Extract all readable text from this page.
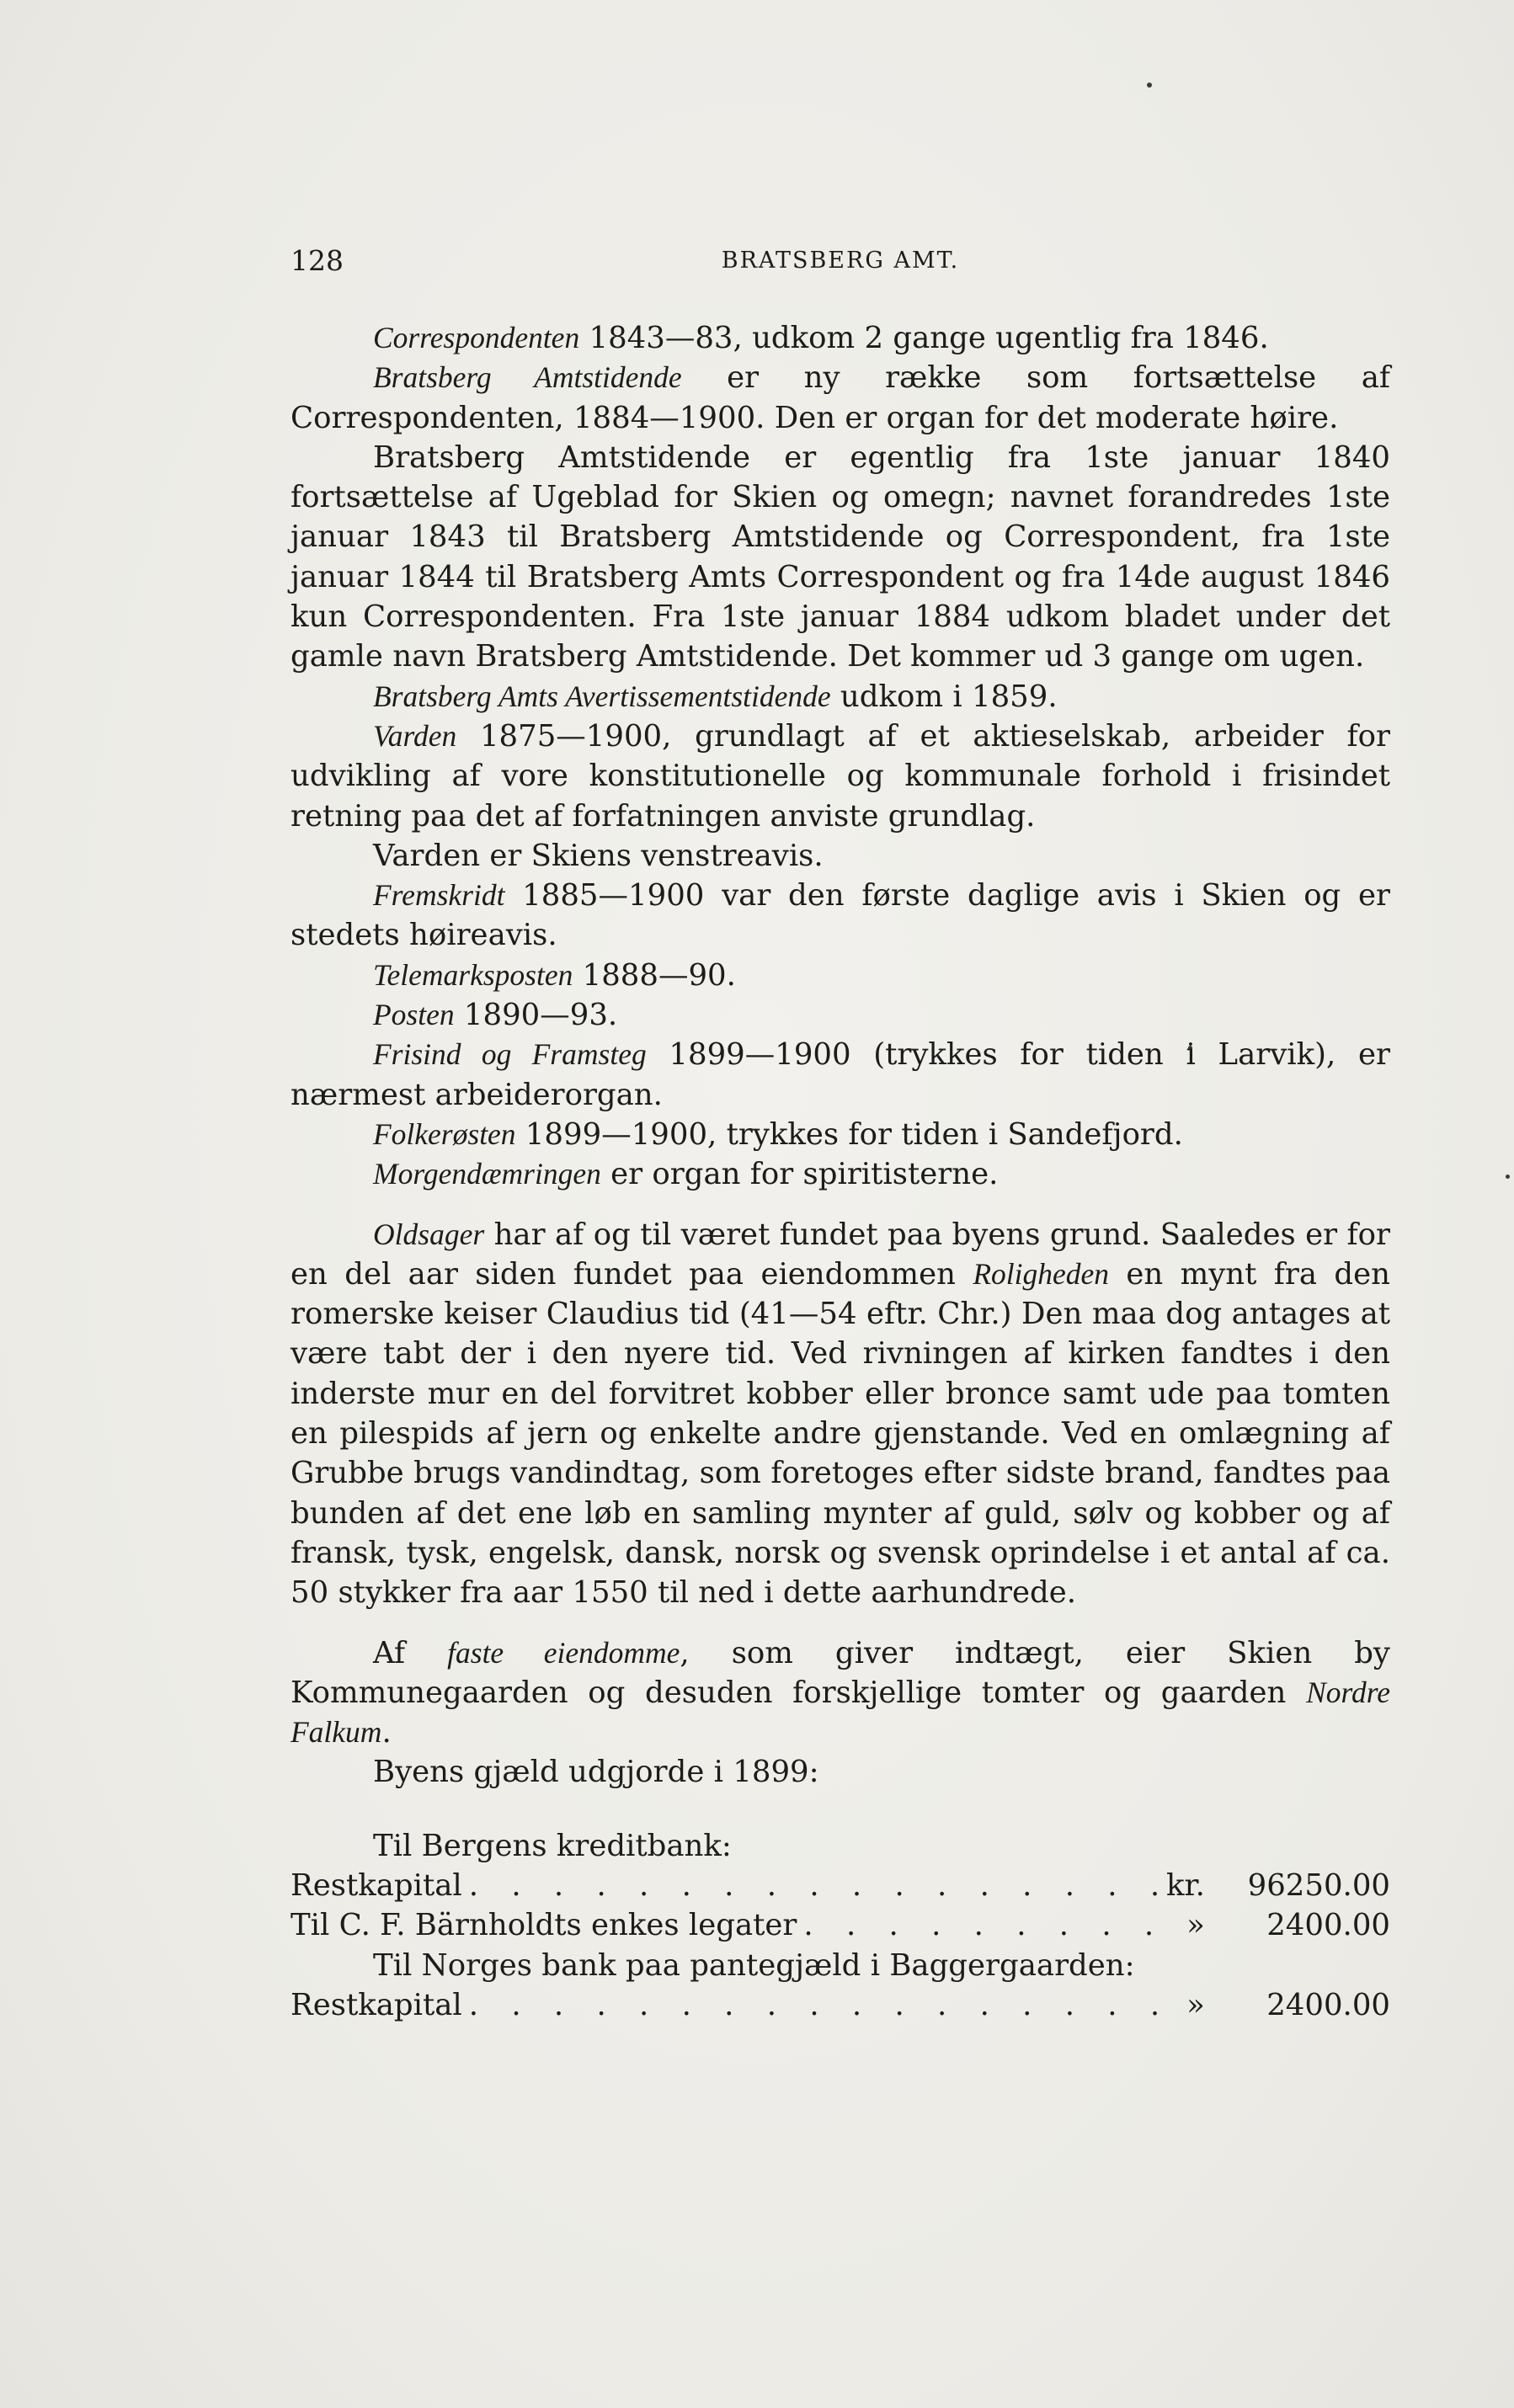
128	BRATSBERG AMT.

Correspondenten 1843—83, udkom 2 gange ugentlig fra 1846.

Bratsberg Amtstidende er ny række som fortsættelse af Correspondenten, 1884—1900. Den er organ for det moderate høire.

Bratsberg Amtstidende er egentlig fra 1ste januar 1840 fortsættelse af Ugeblad for Skien og omegn; navnet forandredes 1ste januar 1843 til Bratsberg Amtstidende og Correspondent, fra 1ste januar 1844 til Bratsberg Amts Correspondent og fra 14de august 1846 kun Correspondenten. Fra 1ste januar 1884 udkom bladet under det gamle navn Bratsberg Amtstidende. Det kommer ud 3 gange om ugen.

Bratsberg Amts Avertissementstidende udkom i 1859.

Varden 1875—1900, grundlagt af et aktieselskab, arbeider for udvikling af vore konstitutionelle og kommunale forhold i frisindet retning paa det af forfatningen anviste grundlag.

Varden er Skiens venstreavis.

Fremskridt 1885—1900 var den første daglige avis i Skien og er stedets høireavis.

Telemarksposten 1888—90.

Posten 1890—93.

Frisind og Framsteg 1899—1900 (trykkes for tiden i Larvik), er nærmest arbeiderorgan.

Folkerøsten 1899—1900, trykkes for tiden i Sandefjord.

Morgendæmringen er organ for spiritisterne.

Oldsager har af og til været fundet paa byens grund. Saaledes er for en del aar siden fundet paa eiendommen Roligheden en mynt fra den romerske keiser Claudius tid (41—54 eftr. Chr.) Den maa dog antages at være tabt der i den nyere tid. Ved rivningen af kirken fandtes i den inderste mur en del forvitret kobber eller bronce samt ude paa tomten en pilespids af jern og enkelte andre gjenstande. Ved en omlægning af Grubbe brugs vandindtag, som foretoges efter sidste brand, fandtes paa bunden af det ene løb en samling mynter af guld, sølv og kobber og af fransk, tysk, engelsk, dansk, norsk og svensk oprindelse i et antal af ca. 50 stykker fra aar 1550 til ned i dette aarhundrede.

Af faste eiendomme, som giver indtægt, eier Skien by Kommunegaarden og desuden forskjellige tomter og gaarden Nordre Falkum.

Byens gjæld udgjorde i 1899:

Til Bergens kreditbank:
Restkapital . . .	kr.	96250.00
Til C. F. Bärnholdts enkes legater . . .	»	2400.00
Til Norges bank paa pantegjæld i Baggergaarden:
Restkapital . . .	»	2400.00
